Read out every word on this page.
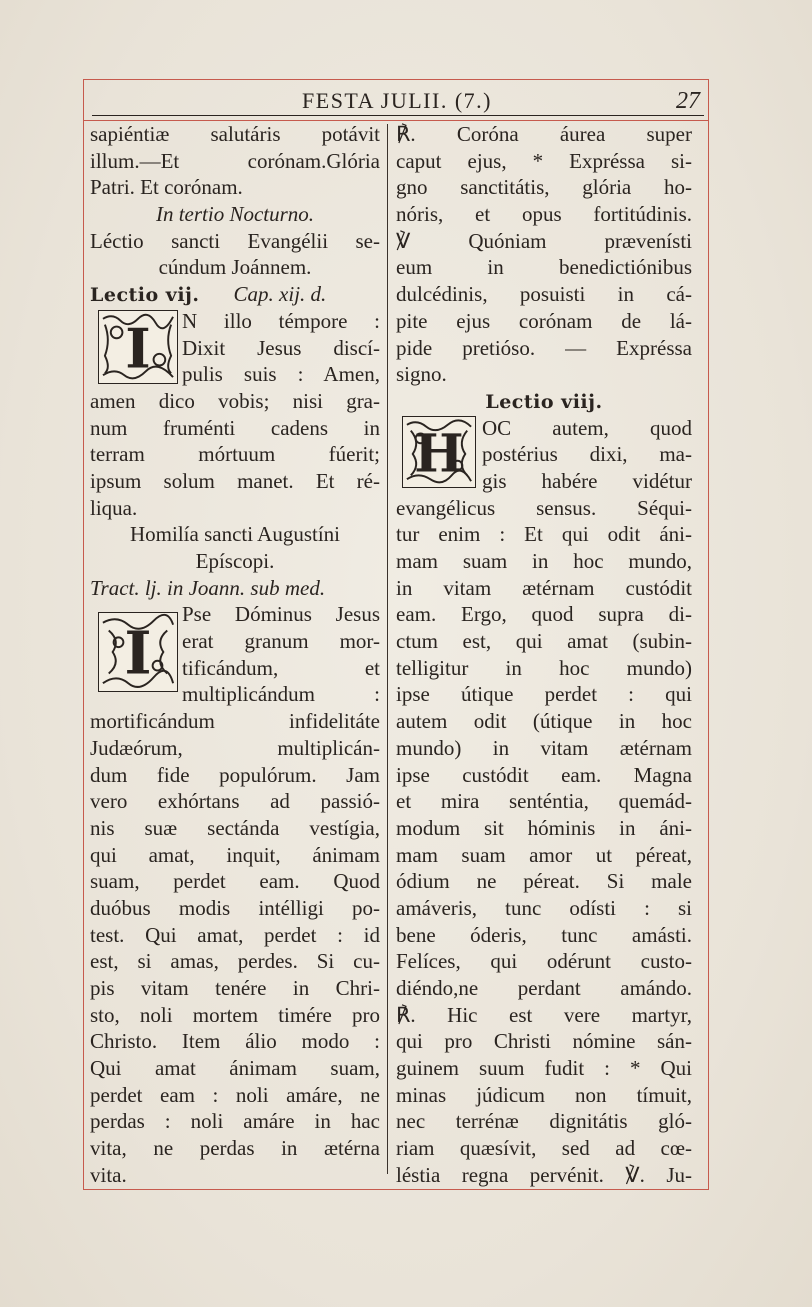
FESTA JULII. (7.)	27
sapiéntiæ salutáris potávit
illum.—Et corónam.Glória
Patri. Et corónam.
In tertio Nocturno.
Léctio sancti Evangélii se-
cúndum Joánnem.
Lectio vij. Cap. xij. d.
N illo témpore :
Dixit Jesus discí-
pulis suis : Amen,
amen dico vobis; nisi gra-
num fruménti cadens in
terram mórtuum fúerit;
ipsum solum manet. Et ré-
liqua.
Homilía sancti Augustíni
Epíscopi.
Tract. lj. in Joann. sub med.
Pse Dóminus Jesus
erat granum mor-
tificándum, et
multiplicándum :
mortificándum infidelitáte
Judæórum, multiplicán-
dum fide populórum. Jam
vero exhórtans ad passió-
nis suæ sectánda vestígia,
qui amat, inquit, ánimam
suam, perdet eam. Quod
duóbus modis intélligi po-
test. Qui amat, perdet : id
est, si amas, perdes. Si cu-
pis vitam tenére in Chri-
sto, noli mortem timére pro
Christo. Item álio modo :
Qui amat ánimam suam,
perdet eam : noli amáre, ne
perdas : noli amáre in hac
vita, ne perdas in ætérna
vita.
I
I
H
℟. Coróna áurea super
caput ejus, * Expréssa si-
gno sanctitátis, glória ho-
nóris, et opus fortitúdinis.
℣ Quóniam prævenísti
eum in benedictiónibus
dulcédinis, posuisti in cá-
pite ejus corónam de lá-
pide pretióso. — Expréssa
signo.
Lectio viij.
OC autem, quod
postérius dixi, ma-
gis habére vidétur
evangélicus sensus. Séqui-
tur enim : Et qui odit áni-
mam suam in hoc mundo,
in vitam ætérnam custódit
eam. Ergo, quod supra di-
ctum est, qui amat (subin-
telligitur in hoc mundo)
ipse útique perdet : qui
autem odit (útique in hoc
mundo) in vitam ætérnam
ipse custódit eam. Magna
et mira senténtia, quemád-
modum sit hóminis in áni-
mam suam amor ut péreat,
ódium ne péreat. Si male
amáveris, tunc odísti : si
bene óderis, tunc amásti.
Felíces, qui odérunt custo-
diéndo,ne perdant amándo.
℟. Hic est vere martyr,
qui pro Christi nómine sán-
guinem suum fudit : * Qui
minas júdicum non tímuit,
nec terrénæ dignitátis gló-
riam quæsívit, sed ad cœ-
léstia regna pervénit. ℣. Ju-
